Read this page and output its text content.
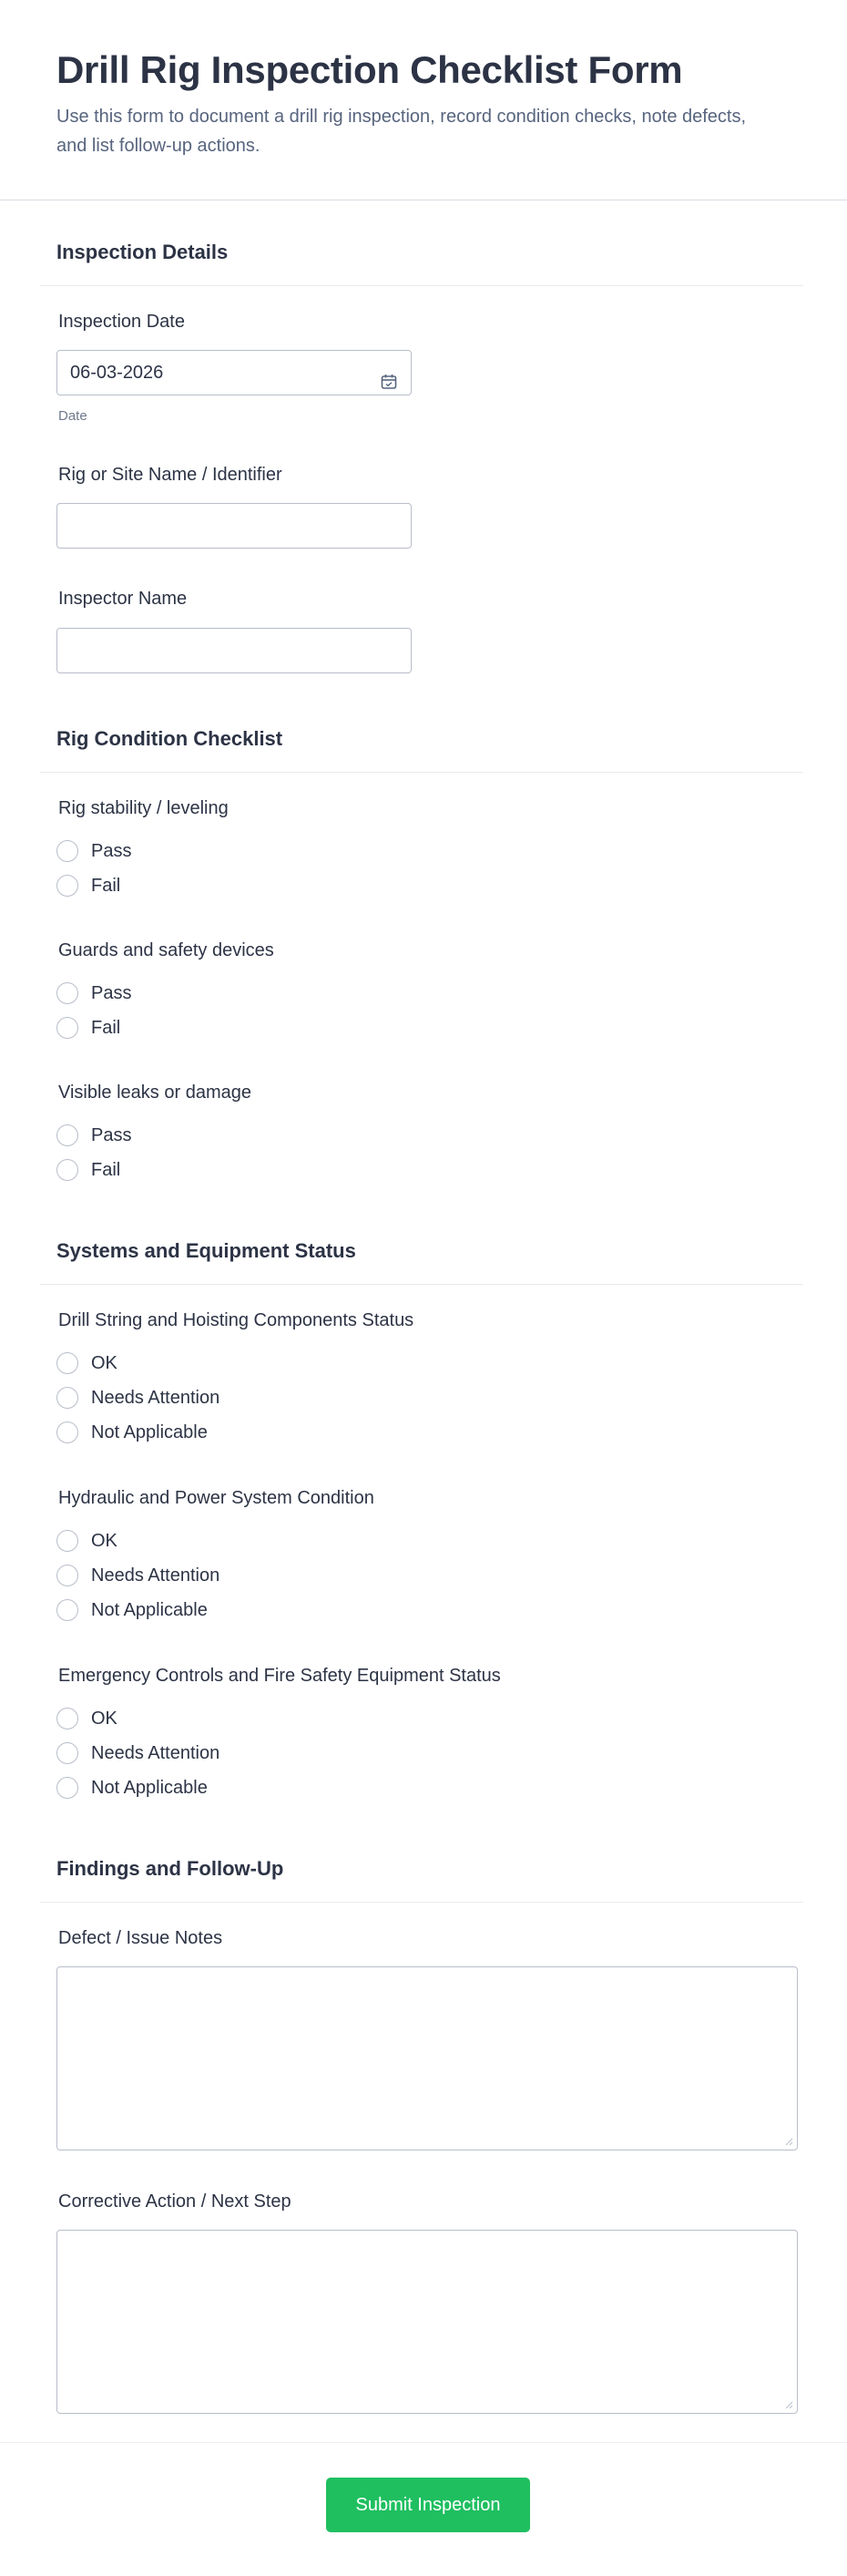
Drill Rig Inspection Checklist Form

Use this form to document a drill rig inspection, record condition checks, note defects, and list follow-up actions.

Inspection Details
Inspection Date
06-03-2026
Date
Rig or Site Name / Identifier
Inspector Name
Rig Condition Checklist
Rig stability / leveling
Pass
Fail
Guards and safety devices
Pass
Fail
Visible leaks or damage
Pass
Fail
Systems and Equipment Status
Drill String and Hoisting Components Status
OK
Needs Attention
Not Applicable
Hydraulic and Power System Condition
OK
Needs Attention
Not Applicable
Emergency Controls and Fire Safety Equipment Status
OK
Needs Attention
Not Applicable
Findings and Follow-Up
Defect / Issue Notes
Corrective Action / Next Step
Submit Inspection
